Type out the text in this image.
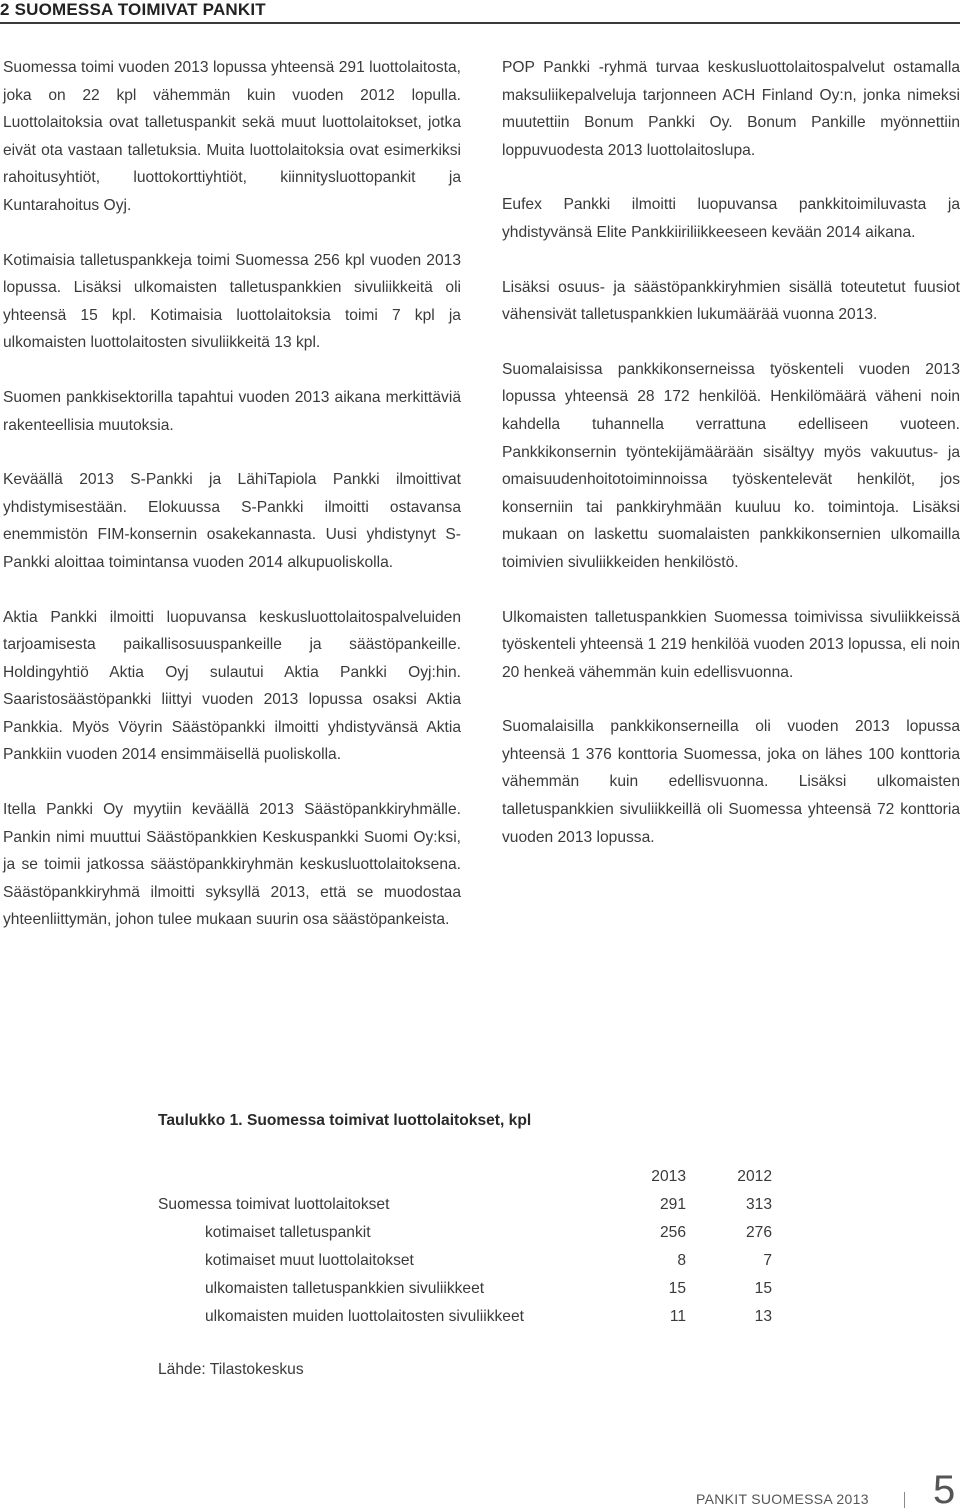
2 SUOMESSA TOIMIVAT PANKIT

Suomessa toimi vuoden 2013 lopussa yhteensä 291 luottolaitosta, joka on 22 kpl vähemmän kuin vuoden 2012 lopulla. Luottolaitoksia ovat talletuspankit sekä muut luottolaitokset, jotka eivät ota vastaan talletuksia. Muita luottolaitoksia ovat esimerkiksi rahoitusyhtiöt, luottokorttiyhtiöt, kiinnitysluottopankit ja Kuntarahoitus Oyj.

Kotimaisia talletuspankkeja toimi Suomessa 256 kpl vuoden 2013 lopussa. Lisäksi ulkomaisten talletuspankkien sivuliikkeitä oli yhteensä 15 kpl. Kotimaisia luottolaitoksia toimi 7 kpl ja ulkomaisten luottolaitosten sivuliikkeitä 13 kpl.

Suomen pankkisektorilla tapahtui vuoden 2013 aikana merkittäviä rakenteellisia muutoksia.

Keväällä 2013 S-Pankki ja LähiTapiola Pankki ilmoittivat yhdistymisestään. Elokuussa S-Pankki ilmoitti ostavansa enemmistön FIM-konsernin osakekannasta. Uusi yhdistynyt S-Pankki aloittaa toimintansa vuoden 2014 alkupuoliskolla.

Aktia Pankki ilmoitti luopuvansa keskusluottolaitospalveluiden tarjoamisesta paikallisosuuspankeille ja säästöpankeille. Holdingyhtiö Aktia Oyj sulautui Aktia Pankki Oyj:hin. Saaristosäästöpankki liittyi vuoden 2013 lopussa osaksi Aktia Pankkia. Myös Vöyrin Säästöpankki ilmoitti yhdistyvänsä Aktia Pankkiin vuoden 2014 ensimmäisellä puoliskolla.

Itella Pankki Oy myytiin keväällä 2013 Säästöpankkiryhmälle. Pankin nimi muuttui Säästöpankkien Keskuspankki Suomi Oy:ksi, ja se toimii jatkossa säästöpankkiryhmän keskusluottolaitoksena. Säästöpankkiryhmä ilmoitti syksyllä 2013, että se muodostaa yhteenliittymän, johon tulee mukaan suurin osa säästöpankeista.

POP Pankki -ryhmä turvaa keskusluottolaitospalvelut ostamalla maksuliikepalveluja tarjonneen ACH Finland Oy:n, jonka nimeksi muutettiin Bonum Pankki Oy. Bonum Pankille myönnettiin loppuvuodesta 2013 luottolaitoslupa.

Eufex Pankki ilmoitti luopuvansa pankkitoimiluvasta ja yhdistyvänsä Elite Pankkiiriliikkeeseen kevään 2014 aikana.

Lisäksi osuus- ja säästöpankkiryhmien sisällä toteutetut fuusiot vähensivät talletuspankkien lukumäärää vuonna 2013.

Suomalaisissa pankkikonserneissa työskenteli vuoden 2013 lopussa yhteensä 28 172 henkilöä. Henkilömäärä väheni noin kahdella tuhannella verrattuna edelliseen vuoteen. Pankkikonsernin työntekijämäärään sisältyy myös vakuutus- ja omaisuudenhoitotoiminnoissa työskentelevät henkilöt, jos konserniin tai pankkiryhmään kuuluu ko. toimintoja. Lisäksi mukaan on laskettu suomalaisten pankkikonsernien ulkomailla toimivien sivuliikkeiden henkilöstö.

Ulkomaisten talletuspankkien Suomessa toimivissa sivuliikkeissä työskenteli yhteensä 1 219 henkilöä vuoden 2013 lopussa, eli noin 20 henkeä vähemmän kuin edellisvuonna.

Suomalaisilla pankkikonserneilla oli vuoden 2013 lopussa yhteensä 1 376 konttoria Suomessa, joka on lähes 100 konttoria vähemmän kuin edellisvuonna. Lisäksi ulkomaisten talletuspankkien sivuliikkeillä oli Suomessa yhteensä 72 konttoria vuoden 2013 lopussa.

Taulukko 1. Suomessa toimivat luottolaitokset, kpl
	2013	2012
Suomessa toimivat luottolaitokset	291	313
kotimaiset talletuspankit	256	276
kotimaiset muut luottolaitokset	8	7
ulkomaisten talletuspankkien sivuliikkeet	15	15
ulkomaisten muiden luottolaitosten sivuliikkeet	11	13
Lähde: Tilastokeskus
PANKIT SUOMESSA 2013 5
